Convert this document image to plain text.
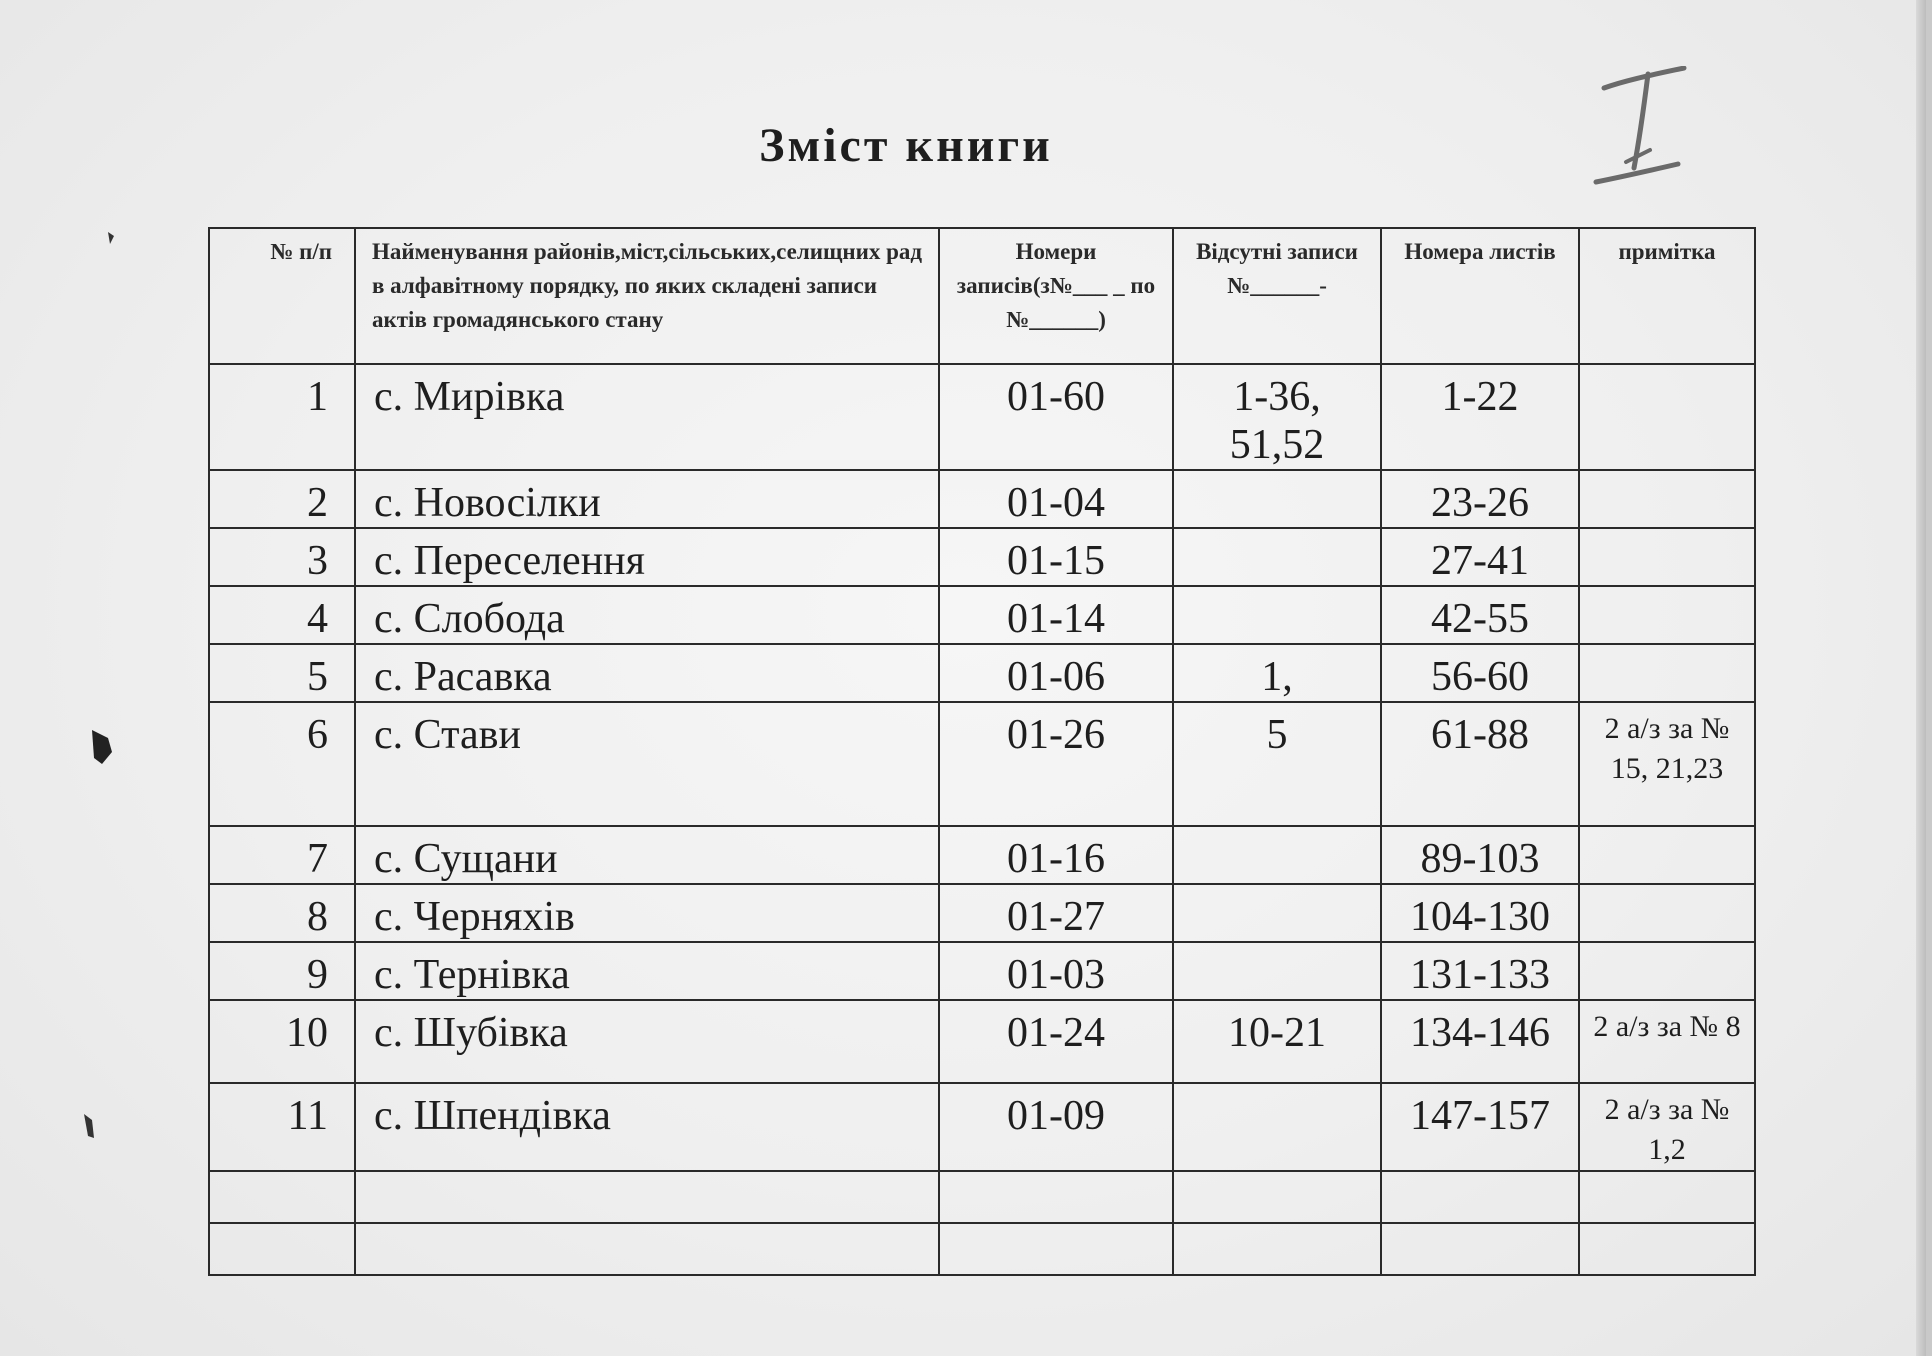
Зміст книги
№ п/п	Найменування районів,міст,сільських,селищних рад в алфавітному порядку, по яких складені записи актів громадянського стану	Номери записів(з№___ _ по №______)	Відсутні записи №______-	Номера листів	примітка

1	с. Мирівка	01-60	1-36, 51,52	1-22	

2	с. Новосілки	01-04		23-26	

3	с. Переселення	01-15		27-41	

4	с. Слобода	01-14		42-55	

5	с. Расавка	01-06	1,	56-60	

6	с. Стави	01-26	5	61-88	2 а/з за № 15, 21,23

7	с. Сущани	01-16		89-103	

8	с. Черняхів	01-27		104-130	

9	с. Тернівка	01-03		131-133	

10	с. Шубівка	01-24	10-21	134-146	2 а/з за № 8

11	с. Шпендівка	01-09		147-157	2 а/з за № 1,2
